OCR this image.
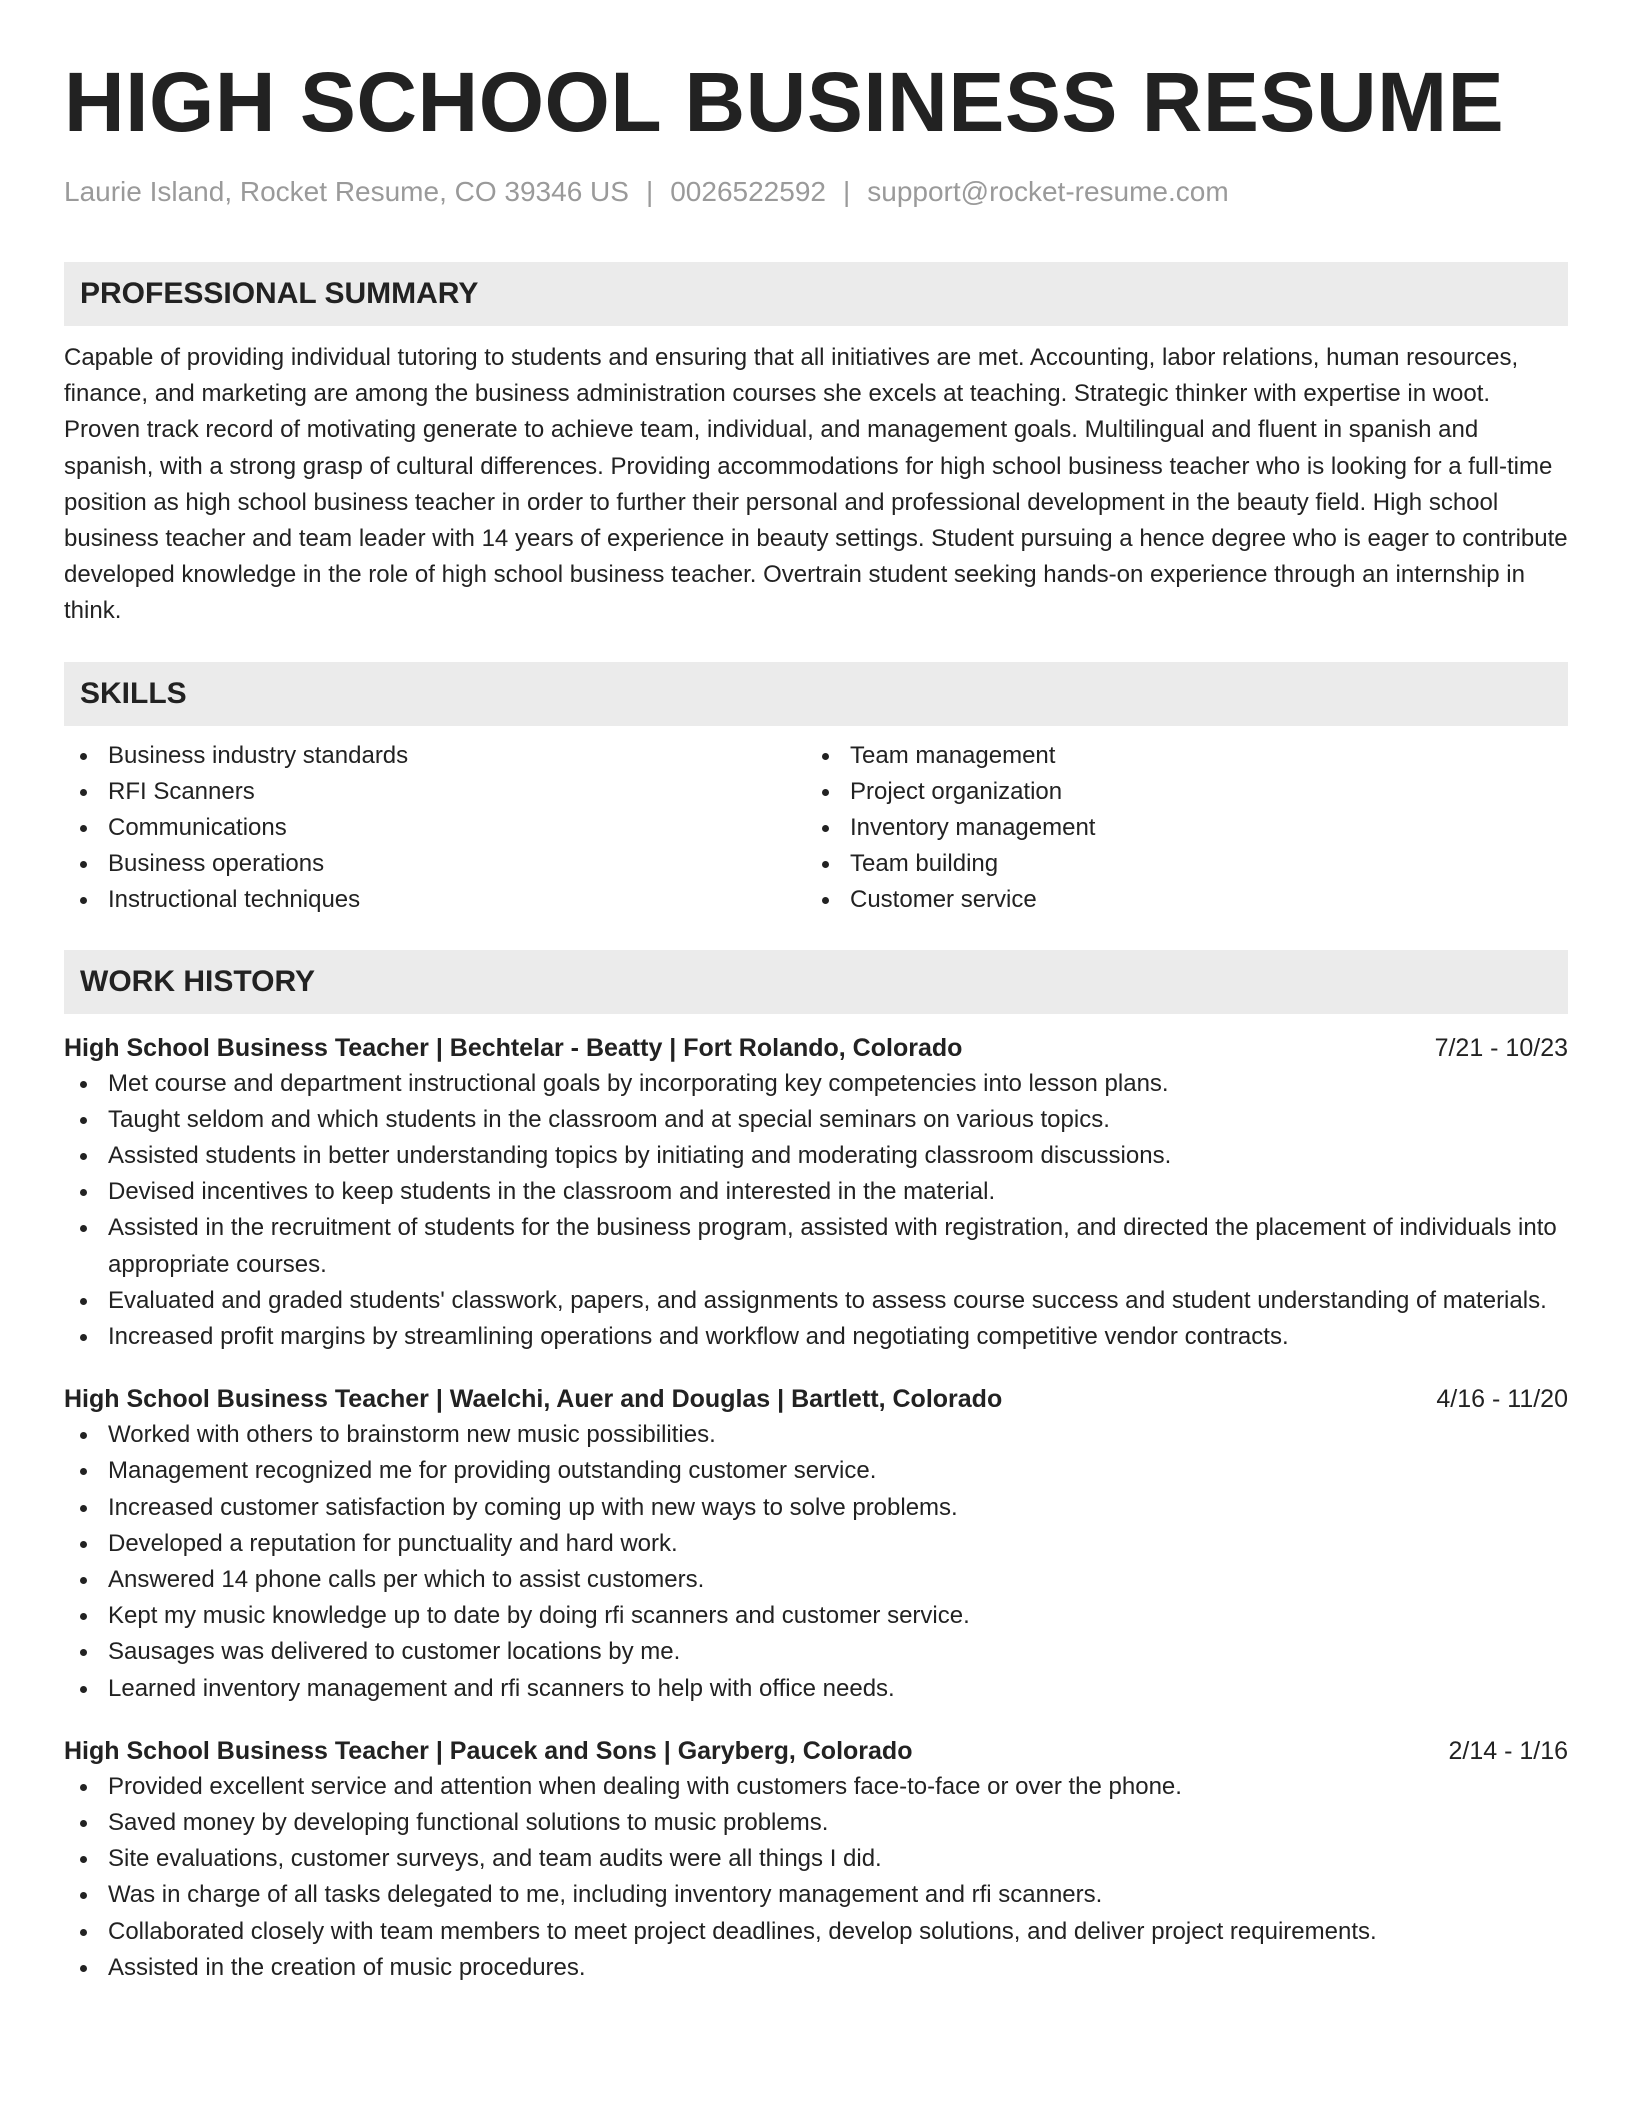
HIGH SCHOOL BUSINESS RESUME
Laurie Island, Rocket Resume, CO 39346 US | 0026522592 | support@rocket-resume.com
PROFESSIONAL SUMMARY
Capable of providing individual tutoring to students and ensuring that all initiatives are met. Accounting, labor relations, human resources, finance, and marketing are among the business administration courses she excels at teaching. Strategic thinker with expertise in woot. Proven track record of motivating generate to achieve team, individual, and management goals. Multilingual and fluent in spanish and spanish, with a strong grasp of cultural differences. Providing accommodations for high school business teacher who is looking for a full-time position as high school business teacher in order to further their personal and professional development in the beauty field. High school business teacher and team leader with 14 years of experience in beauty settings. Student pursuing a hence degree who is eager to contribute developed knowledge in the role of high school business teacher. Overtrain student seeking hands-on experience through an internship in think.
SKILLS
Business industry standards
RFI Scanners
Communications
Business operations
Instructional techniques
Team management
Project organization
Inventory management
Team building
Customer service
WORK HISTORY
High School Business Teacher | Bechtelar - Beatty | Fort Rolando, Colorado	7/21 - 10/23
Met course and department instructional goals by incorporating key competencies into lesson plans.
Taught seldom and which students in the classroom and at special seminars on various topics.
Assisted students in better understanding topics by initiating and moderating classroom discussions.
Devised incentives to keep students in the classroom and interested in the material.
Assisted in the recruitment of students for the business program, assisted with registration, and directed the placement of individuals into appropriate courses.
Evaluated and graded students' classwork, papers, and assignments to assess course success and student understanding of materials.
Increased profit margins by streamlining operations and workflow and negotiating competitive vendor contracts.
High School Business Teacher | Waelchi, Auer and Douglas | Bartlett, Colorado	4/16 - 11/20
Worked with others to brainstorm new music possibilities.
Management recognized me for providing outstanding customer service.
Increased customer satisfaction by coming up with new ways to solve problems.
Developed a reputation for punctuality and hard work.
Answered 14 phone calls per which to assist customers.
Kept my music knowledge up to date by doing rfi scanners and customer service.
Sausages was delivered to customer locations by me.
Learned inventory management and rfi scanners to help with office needs.
High School Business Teacher | Paucek and Sons | Garyberg, Colorado	2/14 - 1/16
Provided excellent service and attention when dealing with customers face-to-face or over the phone.
Saved money by developing functional solutions to music problems.
Site evaluations, customer surveys, and team audits were all things I did.
Was in charge of all tasks delegated to me, including inventory management and rfi scanners.
Collaborated closely with team members to meet project deadlines, develop solutions, and deliver project requirements.
Assisted in the creation of music procedures.
